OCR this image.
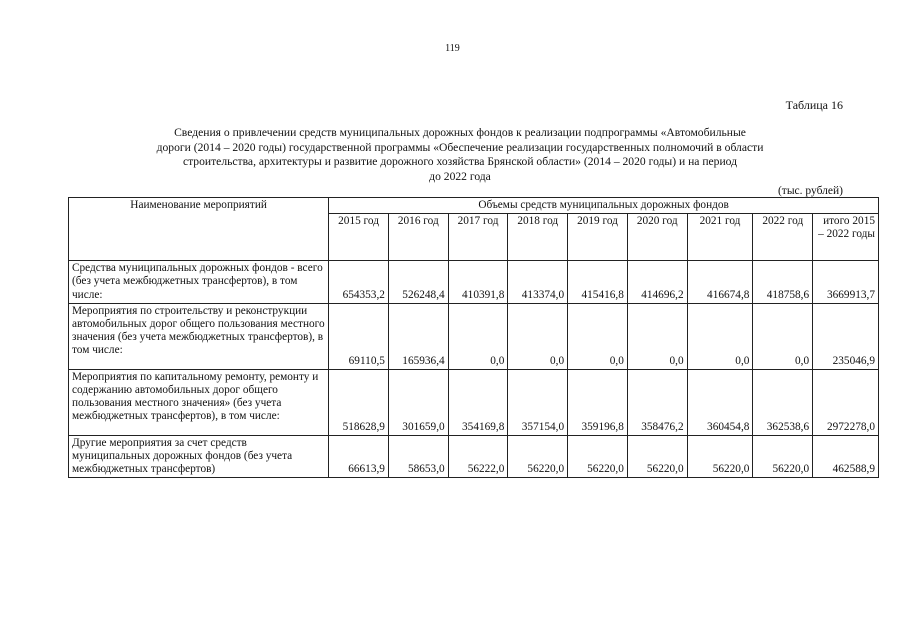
119
Таблица 16
Сведения о привлечении средств муниципальных дорожных фондов к реализации подпрограммы «Автомобильные
дороги (2014 – 2020 годы) государственной программы «Обеспечение реализации государственных полномочий в области
строительства, архитектуры и развитие дорожного хозяйства Брянской области» (2014 – 2020 годы) и на период
до 2022 года
(тыс. рублей)
Наименование мероприятий	Объемы средств муниципальных дорожных фондов								
	2015 год	2016 год	2017 год	2018 год	2019 год	2020 год	2021 год	2022 год	итого 2015 – 2022 годы
Средства муниципальных дорожных фондов - всего (без учета межбюджетных трансфертов), в том числе:	654353,2	526248,4	410391,8	413374,0	415416,8	414696,2	416674,8	418758,6	3669913,7
Мероприятия по строительству и реконструкции автомобильных дорог общего пользования местного значения (без учета межбюджетных трансфертов), в том числе:	69110,5	165936,4	0,0	0,0	0,0	0,0	0,0	0,0	235046,9
Мероприятия по капитальному ремонту, ремонту и содержанию автомобильных дорог общего пользования местного значения» (без учета межбюджетных трансфертов), в том числе:	518628,9	301659,0	354169,8	357154,0	359196,8	358476,2	360454,8	362538,6	2972278,0
Другие мероприятия за счет средств муниципальных дорожных фондов (без учета межбюджетных трансфертов)	66613,9	58653,0	56222,0	56220,0	56220,0	56220,0	56220,0	56220,0	462588,9
